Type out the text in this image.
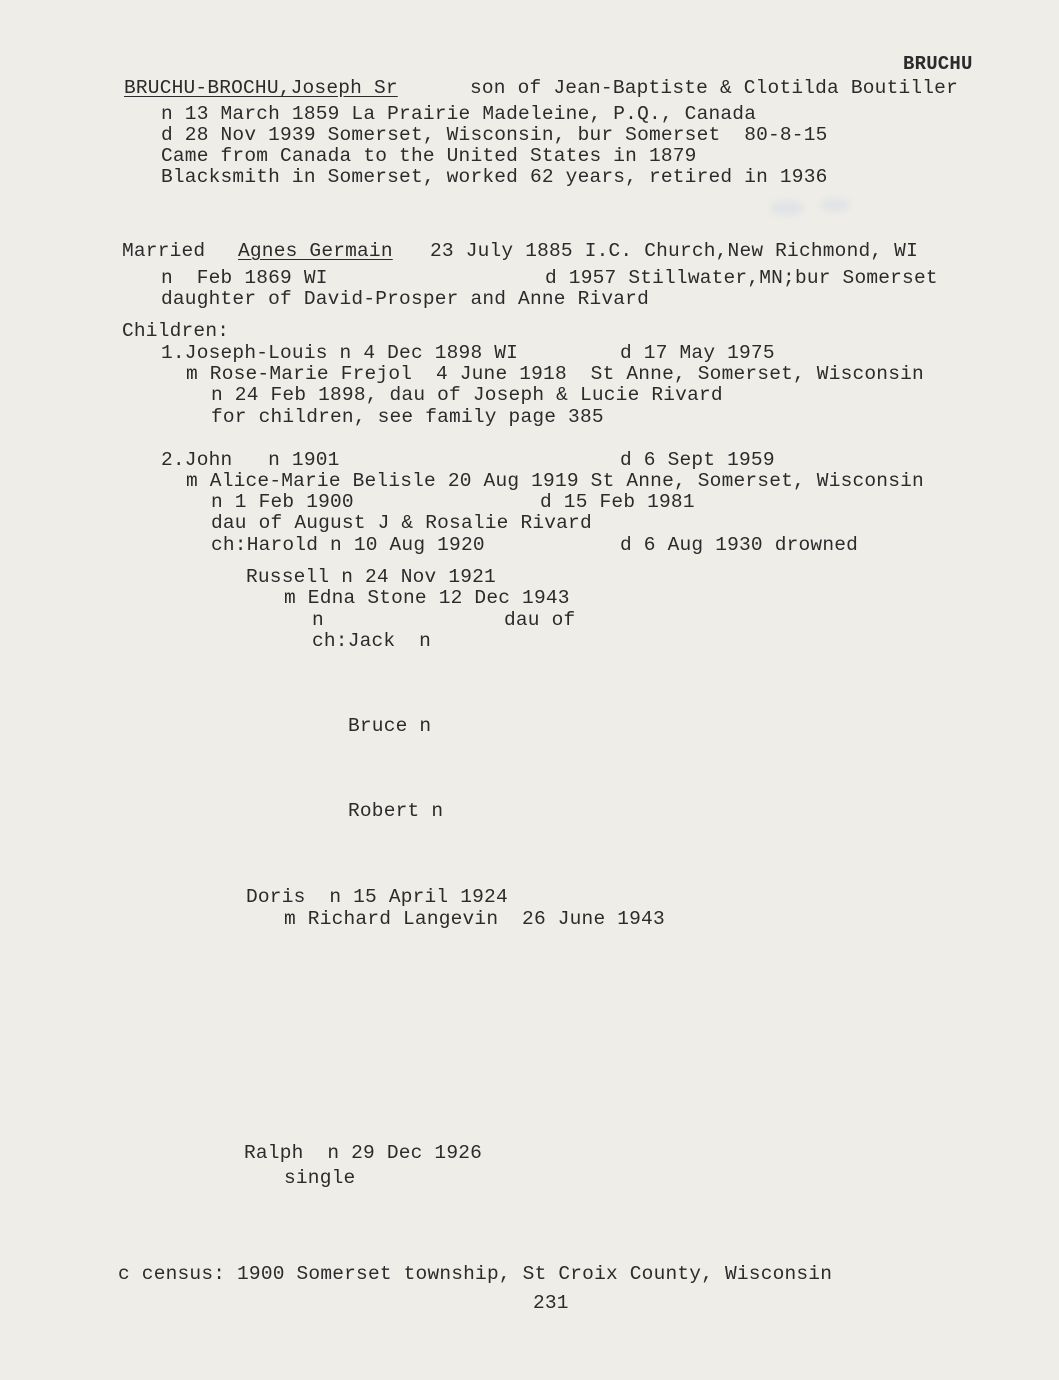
BRUCHU
BRUCHU-BROCHU,Joseph Sr	son of Jean-Baptiste & Clotilda Boutiller
n 13 March 1859 La Prairie Madeleine, P.Q., Canada
d 28 Nov 1939 Somerset, Wisconsin, bur Somerset  80-8-15
Came from Canada to the United States in 1879
Blacksmith in Somerset, worked 62 years, retired in 1936
Married Agnes Germain 23 July 1885 I.C. Church,New Richmond, WI
n  Feb 1869 WI	d 1957 Stillwater,MN;bur Somerset
daughter of David-Prosper and Anne Rivard
Children:
1.Joseph-Louis n 4 Dec 1898 WI	d 17 May 1975
m Rose-Marie Frejol  4 June 1918  St Anne, Somerset, Wisconsin
n 24 Feb 1898, dau of Joseph & Lucie Rivard
for children, see family page 385
2.John   n 1901	d 6 Sept 1959
m Alice-Marie Belisle 20 Aug 1919 St Anne, Somerset, Wisconsin
n 1 Feb 1900	d 15 Feb 1981
dau of August J & Rosalie Rivard
ch:Harold n 10 Aug 1920	d 6 Aug 1930 drowned
Russell n 24 Nov 1921
m Edna Stone 12 Dec 1943
n	dau of
ch:Jack  n
Bruce n
Robert n
Doris  n 15 April 1924
m Richard Langevin  26 June 1943
Ralph  n 29 Dec 1926
single
c census: 1900 Somerset township, St Croix County, Wisconsin
231
